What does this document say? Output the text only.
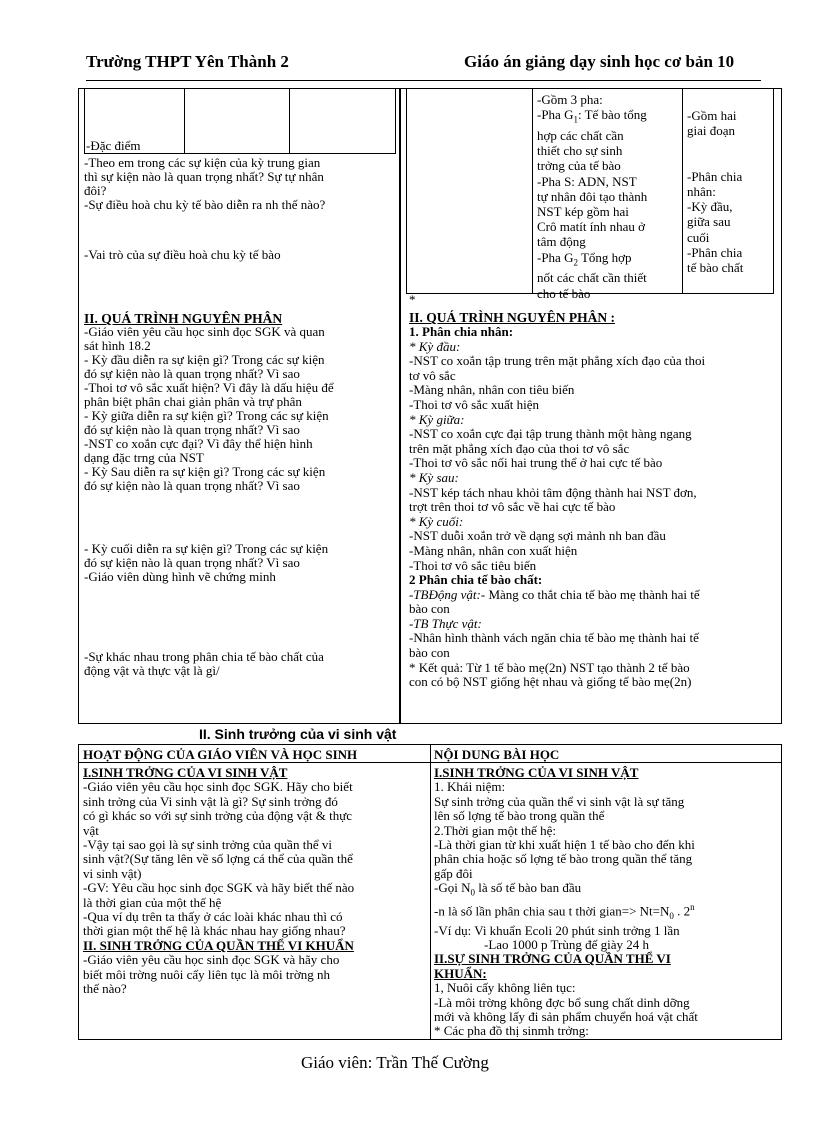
Trường THPT Yên Thành 2	Giáo án giảng dạy sinh học cơ bản 10
-Đặc điểm

-Theo em trong các sự kiện của kỳ trung gian

thì sự kiện nào là quan trọng nhất? Sự tự nhân

đôi?

-Sự điều hoà chu kỳ tế bào diễn ra nh thế nào?

-Vai trò của sự điều hoà chu kỳ tế bào
II. QUÁ TRÌNH NGUYÊN PHÂN

-Giáo viên yêu cầu học sinh đọc SGK và quan

sát hình 18.2

- Kỳ đầu diễn ra sự kiện gì? Trong các sự kiện

đó sự kiện nào là quan trọng nhất? Vì sao

-Thoi tơ vô sắc xuất hiện? Vì đây là dấu hiệu để

phân biệt phân chai giản phân và trự phân

- Kỳ giữa diễn ra sự kiện gì? Trong các sự kiện

đó sự kiện nào là quan trọng nhất? Vì sao

-NST co xoắn cực đại? Vì đây thể hiện hình

dạng đặc trng của NST

- Kỳ Sau diễn ra sự kiện gì? Trong các sự kiện

đó sự kiện nào là quan trọng nhất? Vì sao

- Kỳ cuối diễn ra sự kiện gì? Trong các sự kiện

đó sự kiện nào là quan trọng nhất? Vì sao

-Giáo viên dùng hình vẽ chứng minh

-Sự khác nhau trong phân chia tế bào chất của

động vật và thực vật là gì/

-Gồm 3 pha:

-Pha $G_1$: Tế bào tổng

hợp các chất cần

thiết cho sự sinh

trởng của tế bào

-Pha S: ADN, NST

tự nhân đôi tạo thành

NST kép gồm hai

Crô matít ính nhau ở

tâm động

-Pha $G_2$ Tổng hợp

nốt các chất cần thiết

cho tế bào

-Gồm hai

giai đoạn

-Phân chia

nhân:

-Kỳ đầu,

giữa sau

cuối

-Phân chia

tế bào chất

*
II. QUÁ TRÌNH NGUYÊN PHÂN :

1. Phân chia nhân:

* Kỳ đầu:

-NST co xoắn tập trung trên mặt phẳng xích đạo của thoi

tơ vô sắc

-Màng nhân, nhân con tiêu biến

-Thoi tơ vô sắc xuất hiện

* Kỳ giữa:

-NST co xoắn cực đại tập trung thành một hàng ngang

trên mặt phẳng xích đạo của thoi tơ vô sắc

-Thoi tơ vô sắc nối hai trung thể ở hai cực tế bào

* Kỳ sau:

-NST kép tách nhau khỏi tâm động thành hai NST đơn,

trợt trên thoi tơ vô sắc về hai cực tế bào

* Kỳ cuối:

-NST duỗi xoắn trở về dạng sợi mảnh nh ban đầu

-Màng nhân, nhân con xuất hiện

-Thoi tơ vô sắc tiêu biến

2 Phân chia tế bào chất:

-TBĐộng vật:- Màng co thắt chia tế bào mẹ thành hai tế

bào con

-TB Thực vật:

-Nhân hình thành vách ngăn chia tế bào mẹ thành hai tế

bào con

* Kết quả: Từ 1 tế bào mẹ(2n) NST tạo thành 2 tế bào

con có bộ NST giống hệt nhau và giống tế bào mẹ(2n)

II. Sinh trưởng của vi sinh vật
HOẠT ĐỘNG CỦA GIÁO VIÊN VÀ HỌC SINH	NỘI DUNG BÀI HỌC

I.SINH TRỞNG CỦA VI SINH VẬT

-Giáo viên yêu cầu học sinh đọc SGK. Hãy cho biết

sinh trởng của Vi sinh vật là gì? Sự sinh trởng đó

có gì khác so với sự sinh trởng của động vật & thực

vật

-Vậy tại sao gọi là sự sinh trởng của quần thể vi

sinh vật?(Sự tăng lên về số lợng cá thể của quần thể

vi sinh vật)

-GV: Yêu cầu học sinh đọc SGK và hãy biết thế nào

là thời gian của một thế hệ

-Qua ví dụ trên ta thấy ở các loài khác nhau thì có

thời gian một thế hệ là khác nhau hay giống nhau?

II. SINH TRỞNG CỦA QUẦN THỂ VI KHUẨN

-Giáo viên yêu cầu học sinh đọc SGK và hãy cho

biết môi trờng nuôi cấy liên tục là môi trờng nh

thế nào?

I.SINH TRỞNG CỦA VI SINH VẬT

1. Khái niệm:

Sự sinh trởng của quần thể vi sinh vật là sự tăng

lên số lợng tế bào trong quần thể

2.Thời gian một thế hệ:

-Là thời gian từ khi xuất hiện 1 tế bào cho đến khi

phân chia hoặc số lợng tế bào trong quần thể tăng

gấp đôi

-Gọi $N_0$ là số tế bào ban đầu

-n là số lần phân chia sau t thời gian=> $Nt=N_0$ . 2$^n$

-Ví dụ: Vi khuẩn Ecoli 20 phút sinh trởng 1 lần

-Lao 1000 p Trùng đế giày 24 h

II.SỰ SINH TRỞNG CỦA QUẦN THỂ VI

KHUẨN:

1, Nuôi cấy không liên tục:

-Là môi trờng không đợc bổ sung chất dinh dỡng

mới và không lấy đi sản phẩm chuyển hoá vật chất

* Các pha đồ thị sinmh trởng:

Giáo viên: Trần Thế Cường
